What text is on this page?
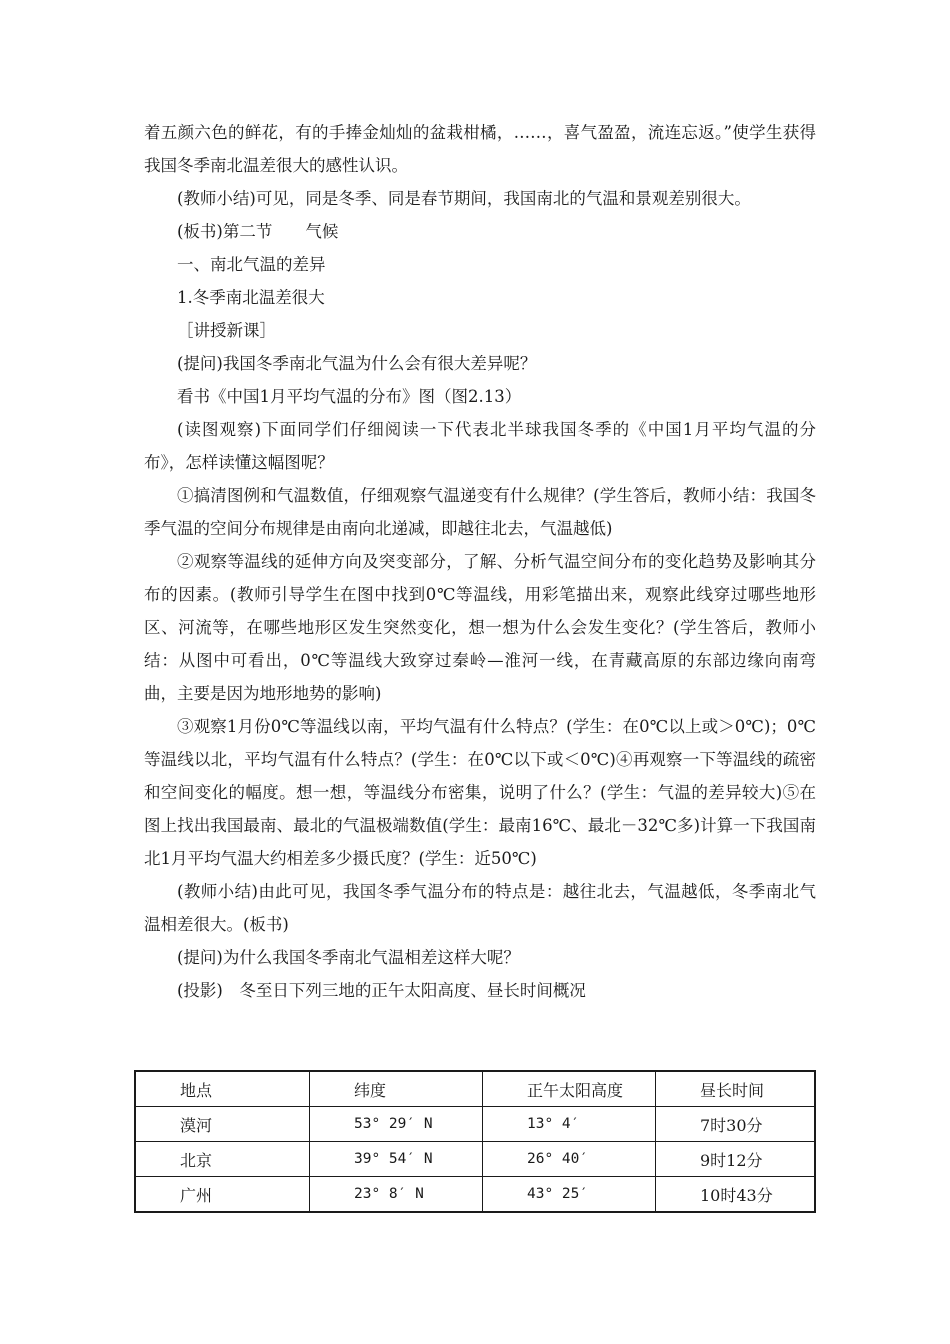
着五颜六色的鲜花，有的手捧金灿灿的盆栽柑橘，……，喜气盈盈，流连忘返。”使学生获得我国冬季南北温差很大的感性认识。

(教师小结)可见，同是冬季、同是春节期间，我国南北的气温和景观差别很大。

(板书)第二节　　气候

一、南北气温的差异

1.冬季南北温差很大

［讲授新课］

(提问)我国冬季南北气温为什么会有很大差异呢？

看书《中国1月平均气温的分布》图（图2.13）

(读图观察)下面同学们仔细阅读一下代表北半球我国冬季的《中国1月平均气温的分布》，怎样读懂这幅图呢？

①搞清图例和气温数值，仔细观察气温递变有什么规律？(学生答后，教师小结：我国冬季气温的空间分布规律是由南向北递减，即越往北去，气温越低)

②观察等温线的延伸方向及突变部分，了解、分析气温空间分布的变化趋势及影响其分布的因素。(教师引导学生在图中找到0℃等温线，用彩笔描出来，观察此线穿过哪些地形区、河流等，在哪些地形区发生突然变化，想一想为什么会发生变化？(学生答后，教师小结：从图中可看出，0℃等温线大致穿过秦岭—淮河一线，在青藏高原的东部边缘向南弯曲，主要是因为地形地势的影响)

③观察1月份0℃等温线以南，平均气温有什么特点？(学生：在0℃以上或＞0℃)；0℃等温线以北，平均气温有什么特点？(学生：在0℃以下或＜0℃)④再观察一下等温线的疏密和空间变化的幅度。想一想，等温线分布密集，说明了什么？(学生：气温的差异较大)⑤在图上找出我国最南、最北的气温极端数值(学生：最南16℃、最北－32℃多)计算一下我国南北1月平均气温大约相差多少摄氏度？(学生：近50℃)

(教师小结)由此可见，我国冬季气温分布的特点是：越往北去，气温越低，冬季南北气温相差很大。(板书)

(提问)为什么我国冬季南北气温相差这样大呢？

(投影)　冬至日下列三地的正午太阳高度、昼长时间概况

地点	纬度	正午太阳高度	昼长时间
漠河	53° 29′ N	13° 4′	7时30分
北京	39° 54′ N	26° 40′	9时12分
广州	23° 8′ N	43° 25′	10时43分
